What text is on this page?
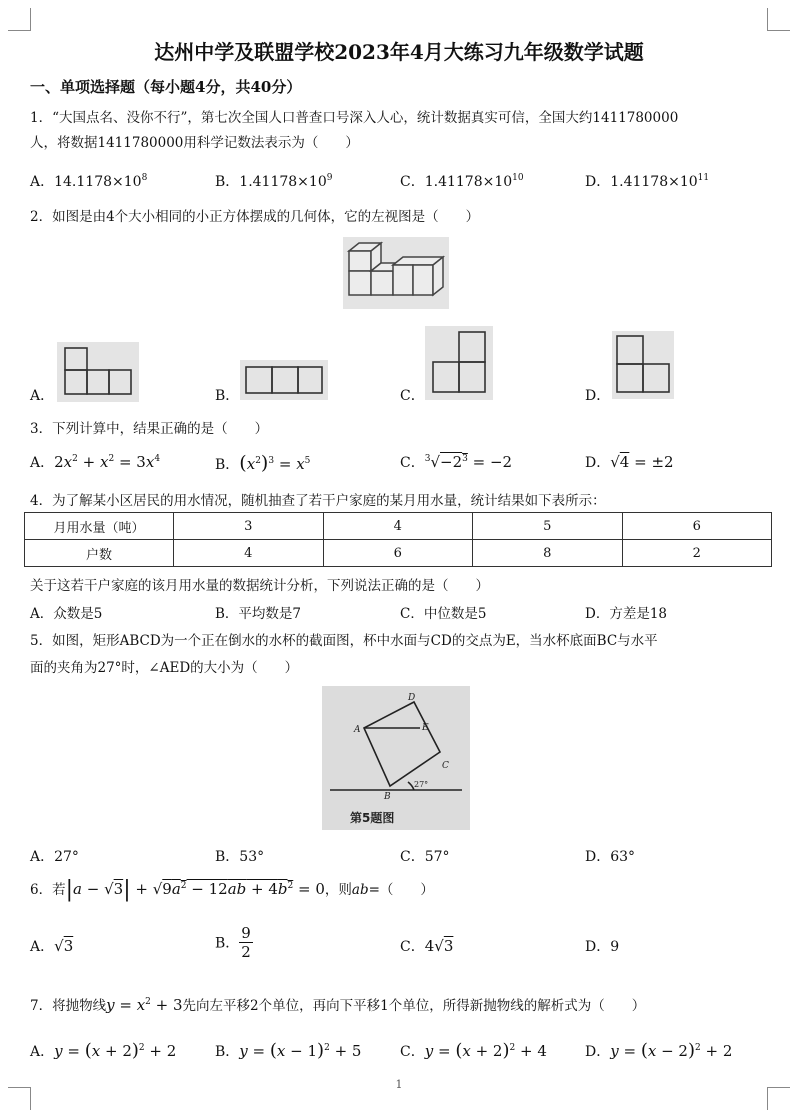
达州中学及联盟学校2023年4月大练习九年级数学试题
一、单项选择题（每小题4分，共40分）
1．“大国点名、没你不行”，第七次全国人口普查口号深入人心，统计数据真实可信，全国大约1411780000
人，将数据1411780000用科学记数法表示为（　　）
A．$14.1178\times 10^8$	B．$1.41178\times 10^9$	C．$1.41178\times 10^{10}$	D．$1.41178\times 10^{11}$
2．如图是由4个大小相同的小正方体摆成的几何体，它的左视图是（　　）
A．	B．	C．	D．
3．下列计算中，结果正确的是（　　）
A．$2x^2 + x^2 = 3x^4$	B．$(x^2)^3 = x^5$	C．$^3√-2^3 = -2$	D．√4 = ±2
4．为了解某小区居民的用水情况，随机抽查了若干户家庭的某月用水量，统计结果如下表所示：
月用水量（吨）	3	4	5	6
户数	4	6	8	2
关于这若干户家庭的该月用水量的数据统计分析，下列说法正确的是（　　）
A．众数是5	B．平均数是7	C．中位数是5	D．方差是18
5．如图，矩形ABCD为一个正在倒水的水杯的截面图，杯中水面与CD的交点为E，当水杯底面BC与水平
面的夹角为27°时，∠AED的大小为（　　）
A
D
E
C
B
27°
第5题图
A．27°	B．53°	C．57°	D．63°
6．若$|a - √3| + √9a^2 - 12ab + 4b^2 = 0$，则ab=（　　）
A．√3	B． $\frac{9}{2}$	C．4√3	D．9
7．将抛物线$y = x^2 + 3$先向左平移2个单位，再向下平移1个单位，所得新抛物线的解析式为（　　）
A．$y = (x + 2)^2 + 2$	B．$y = (x - 1)^2 + 5$	C．$y = (x + 2)^2 + 4$	D．$y = (x - 2)^2 + 2$
1
